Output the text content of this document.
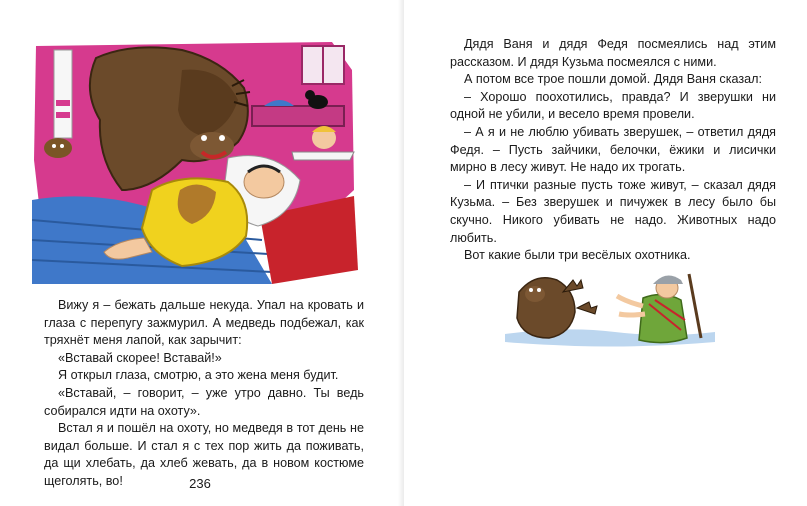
Вижу я – бежать дальше некуда. Упал на кровать и глаза с перепугу зажмурил. А медведь подбежал, как тряхнёт меня лапой, как зарычит:

«Вставай скорее! Вставай!»

Я открыл глаза, смотрю, а это жена меня будит.

«Вставай, – говорит, – уже утро давно. Ты ведь собирался идти на охоту».

Встал я и пошёл на охоту, но медведя в тот день не видал больше. И стал я с тех пор жить да поживать, да щи хлебать, да хлеб жевать, да в новом костюме щеголять, во!	236

Дядя Ваня и дядя Федя посмеялись над этим рассказом. И дядя Кузьма посмеялся с ними.

А потом все трое пошли домой. Дядя Ваня сказал:

– Хорошо поохотились, правда? И зверушки ни одной не убили, и весело время провели.

– А я и не люблю убивать зверушек, – ответил дядя Федя. – Пусть зайчики, белочки, ёжики и лисички мирно в лесу живут. Не надо их трогать.

– И птички разные пусть тоже живут, – сказал дядя Кузьма. – Без зверушек и пичужек в лесу было бы скучно. Никого убивать не надо. Животных надо любить.

Вот какие были три весёлых охотника.
